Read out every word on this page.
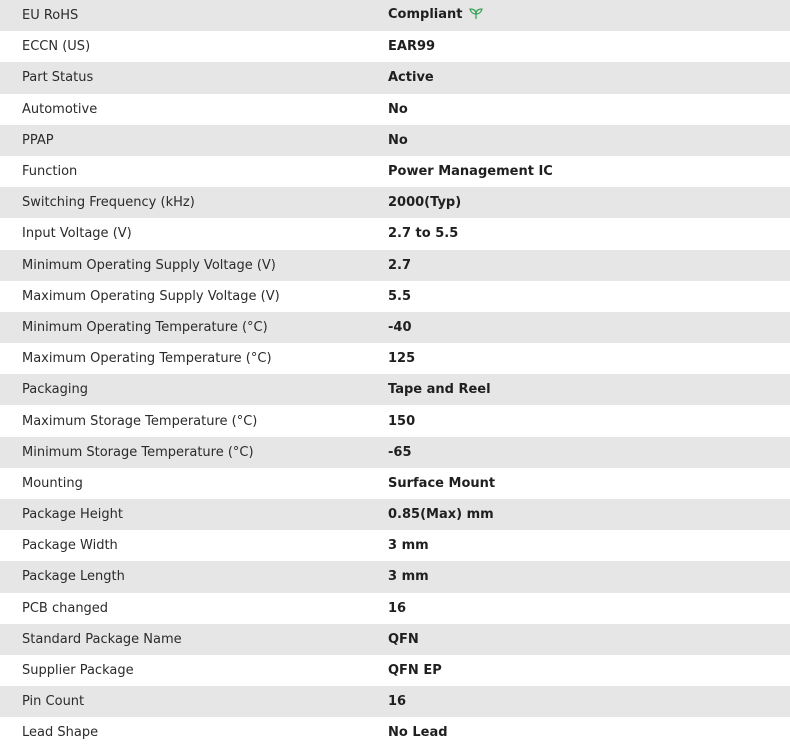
EU RoHS	Compliant
ECCN (US)	EAR99
Part Status	Active
Automotive	No
PPAP	No
Function	Power Management IC
Switching Frequency (kHz)	2000(Typ)
Input Voltage (V)	2.7 to 5.5
Minimum Operating Supply Voltage (V)	2.7
Maximum Operating Supply Voltage (V)	5.5
Minimum Operating Temperature (°C)	-40
Maximum Operating Temperature (°C)	125
Packaging	Tape and Reel
Maximum Storage Temperature (°C)	150
Minimum Storage Temperature (°C)	-65
Mounting	Surface Mount
Package Height	0.85(Max) mm
Package Width	3 mm
Package Length	3 mm
PCB changed	16
Standard Package Name	QFN
Supplier Package	QFN EP
Pin Count	16
Lead Shape	No Lead
